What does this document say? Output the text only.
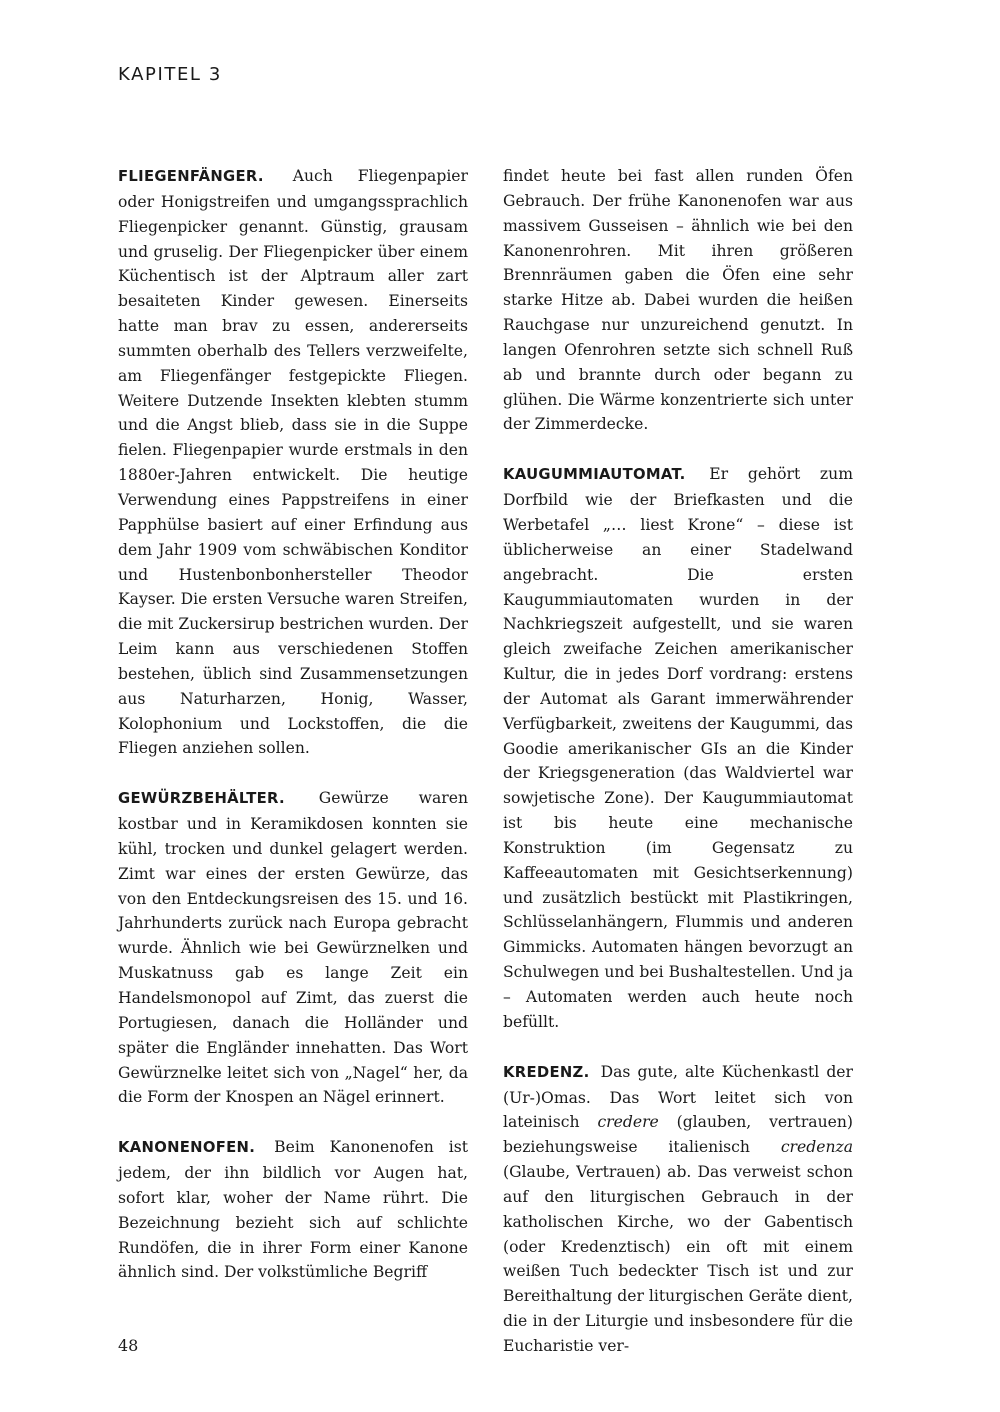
KAPITEL 3

FLIEGENFÄNGER. Auch Fliegenpapier oder Honigstreifen und umgangssprachlich Fliegenpicker genannt. Günstig, grausam und gruselig. Der Fliegenpicker über einem Küchentisch ist der Alptraum aller zart besaiteten Kinder gewesen. Einerseits hatte man brav zu essen, andererseits summten oberhalb des Tellers verzweifelte, am Fliegenfänger festgepickte Fliegen. Weitere Dutzende Insekten klebten stumm und die Angst blieb, dass sie in die Suppe fielen. Fliegenpapier wurde erstmals in den 1880er-Jahren entwickelt. Die heutige Verwendung eines Pappstreifens in einer Papphülse basiert auf einer Erfindung aus dem Jahr 1909 vom schwäbischen Konditor und Hustenbonbonhersteller Theodor Kayser. Die ersten Versuche waren Streifen, die mit Zuckersirup bestrichen wurden. Der Leim kann aus verschiedenen Stoffen bestehen, üblich sind Zusammensetzungen aus Naturharzen, Honig, Wasser, Kolophonium und Lockstoffen, die die Fliegen anziehen sollen.

GEWÜRZBEHÄLTER. Gewürze waren kostbar und in Keramikdosen konnten sie kühl, trocken und dunkel gelagert werden. Zimt war eines der ersten Gewürze, das von den Entdeckungsreisen des 15. und 16. Jahrhunderts zurück nach Europa gebracht wurde. Ähnlich wie bei Gewürznelken und Muskatnuss gab es lange Zeit ein Handelsmonopol auf Zimt, das zuerst die Portugiesen, danach die Holländer und später die Engländer innehatten. Das Wort Gewürznelke leitet sich von „Nagel“ her, da die Form der Knospen an Nägel erinnert.

KANONENOFEN. Beim Kanonenofen ist jedem, der ihn bildlich vor Augen hat, sofort klar, woher der Name rührt. Die Bezeichnung bezieht sich auf schlichte Rundöfen, die in ihrer Form einer Kanone ähnlich sind. Der volkstümliche Begriff

findet heute bei fast allen runden Öfen Gebrauch. Der frühe Kanonenofen war aus massivem Gusseisen – ähnlich wie bei den Kanonenrohren. Mit ihren größeren Brennräumen gaben die Öfen eine sehr starke Hitze ab. Dabei wurden die heißen Rauchgase nur unzureichend genutzt. In langen Ofenrohren setzte sich schnell Ruß ab und brannte durch oder begann zu glühen. Die Wärme konzentrierte sich unter der Zimmerdecke.

KAUGUMMIAUTOMAT. Er gehört zum Dorfbild wie der Briefkasten und die Werbetafel „… liest Krone“ – diese ist üblicherweise an einer Stadelwand angebracht. Die ersten Kaugummiautomaten wurden in der Nachkriegszeit aufgestellt, und sie waren gleich zweifache Zeichen amerikanischer Kultur, die in jedes Dorf vordrang: erstens der Automat als Garant immerwährender Verfügbarkeit, zweitens der Kaugummi, das Goodie amerikanischer GIs an die Kinder der Kriegsgeneration (das Waldviertel war sowjetische Zone). Der Kaugummiautomat ist bis heute eine mechanische Konstruktion (im Gegensatz zu Kaffeeautomaten mit Gesichtserkennung) und zusätzlich bestückt mit Plastikringen, Schlüsselanhängern, Flummis und anderen Gimmicks. Automaten hängen bevorzugt an Schulwegen und bei Bushaltestellen. Und ja – Automaten werden auch heute noch befüllt.

KREDENZ. Das gute, alte Küchenkastl der (Ur-)Omas. Das Wort leitet sich von lateinisch credere (glauben, vertrauen) beziehungsweise italienisch credenza (Glaube, Vertrauen) ab. Das verweist schon auf den liturgischen Gebrauch in der katholischen Kirche, wo der Gabentisch (oder Kredenztisch) ein oft mit einem weißen Tuch bedeckter Tisch ist und zur Bereithaltung der liturgischen Geräte dient, die in der Liturgie und insbesondere für die Eucharistie ver-

48
